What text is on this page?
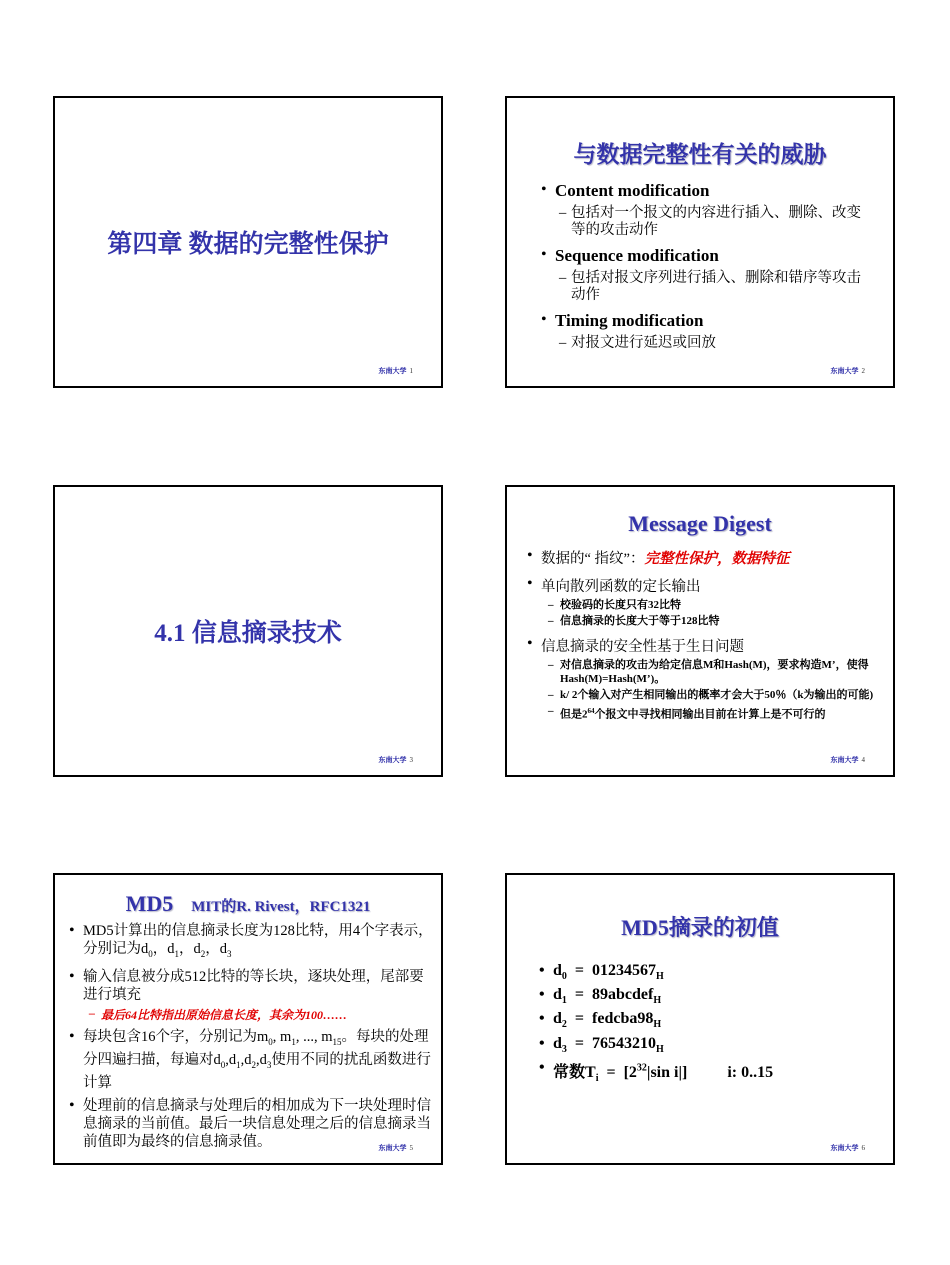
第四章 数据的完整性保护
东南大学 1
与数据完整性有关的威胁
• Content modification
– 包括对一个报文的内容进行插入、删除、改变等的攻击动作
• Sequence modification
– 包括对报文序列进行插入、删除和错序等攻击动作
• Timing modification
– 对报文进行延迟或回放
东南大学 2
4.1 信息摘录技术
东南大学 3
Message Digest
• 数据的“ 指纹”：完整性保护，数据特征
• 单向散列函数的定长输出
– 校验码的长度只有32比特
– 信息摘录的长度大于等于128比特
• 信息摘录的安全性基于生日问题
– 对信息摘录的攻击为给定信息M和Hash(M)，要求构造M’，使得Hash(M)=Hash(M’)。
– k/ 2个输入对产生相同输出的概率才会大于50％（k为输出的可能)
– 但是$2^{64}$个报文中寻找相同输出目前在计算上是不可行的
东南大学 4
MD5 MIT的R. Rivest，RFC1321
• MD5计算出的信息摘录长度为128比特，用4个字表示，分别记为$d_0$，$d_1$，$d_2$，$d_3$
• 输入信息被分成512比特的等长块，逐块处理，尾部要进行填充
– 最后64比特指出原始信息长度，其余为100……
• 每块包含16个字，分别记为$m_0$, $m_1$, ..., $m_{15}$。每块的处理分四遍扫描，每遍对$d_0,d_1,d_2,d_3$使用不同的扰乱函数进行计算
• 处理前的信息摘录与处理后的相加成为下一块处理时信息摘录的当前值。最后一块信息处理之后的信息摘录当前值即为最终的信息摘录值。	东南大学 5
MD5摘录的初值
• $d_0 = 01234567_H$
• $d_1$  =  89abcdef$_H$
• $d_2$  =  $fedcba98_H$
• $d_3 = 76543210_H$
• 常数$T_i = [2^{32}|\sin$ i|]          i: 0..15
东南大学 6
